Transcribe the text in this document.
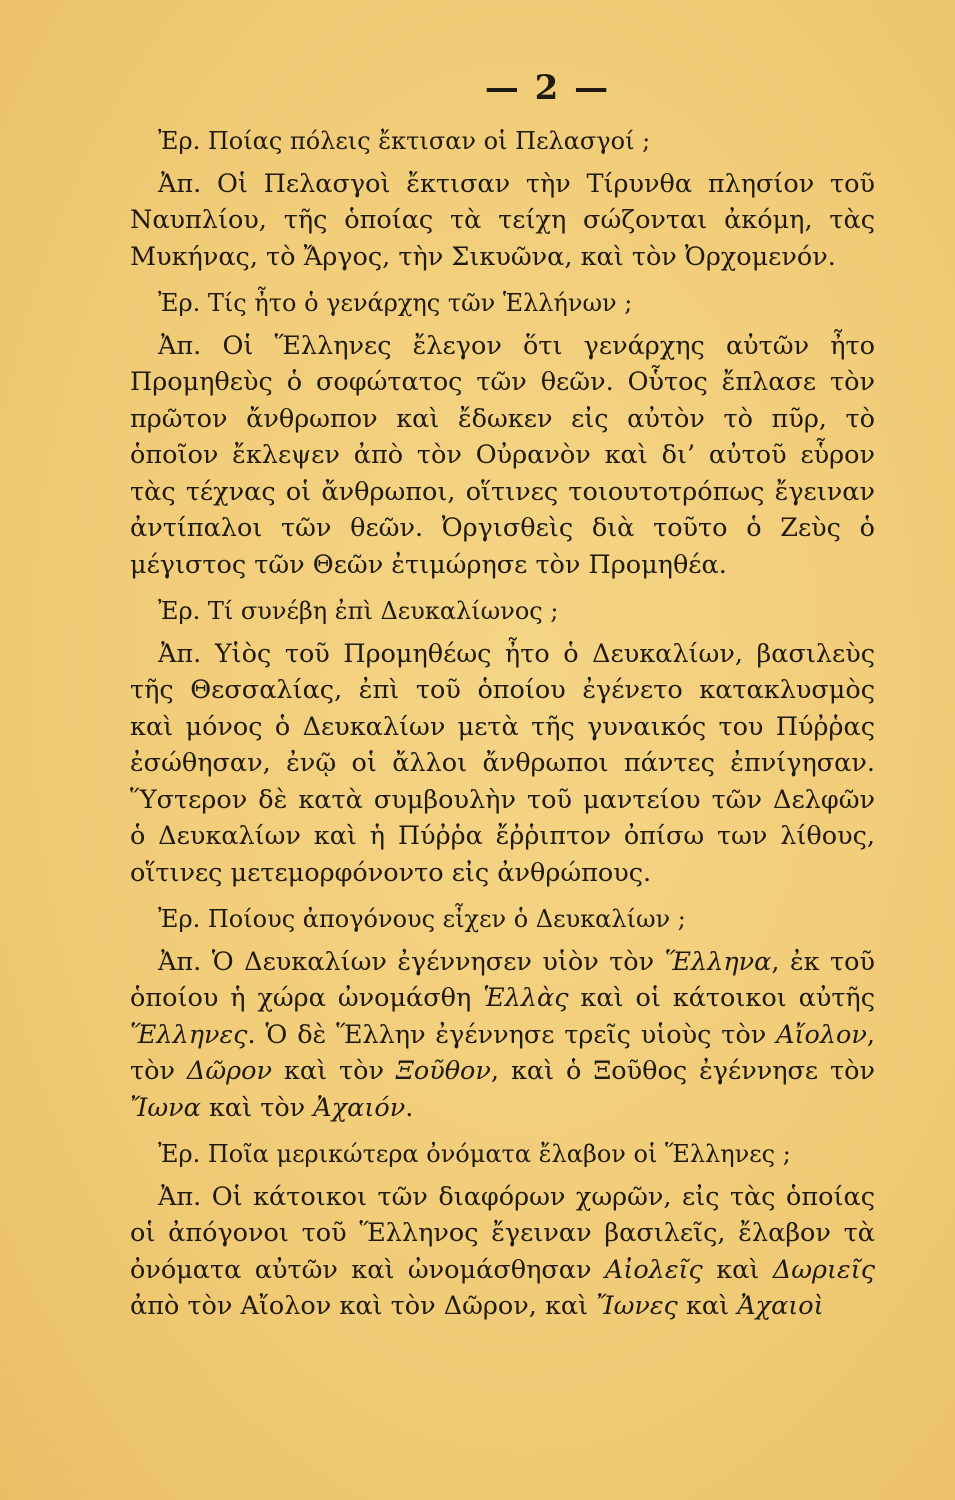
— 2 —

Ἐρ. Ποίας πόλεις ἔκτισαν οἱ Πελασγοί ;

Ἀπ. Οἱ Πελασγοὶ ἔκτισαν τὴν Τίρυνθα πλησίον τοῦ Ναυπλίου, τῆς ὁποίας τὰ τείχη σώζονται ἀκόμη, τὰς Μυκήνας, τὸ Ἄργος, τὴν Σικυῶνα, καὶ τὸν Ὀρχομενόν.

Ἐρ. Τίς ἦτο ὁ γενάρχης τῶν Ἑλλήνων ;

Ἀπ. Οἱ Ἕλληνες ἔλεγον ὅτι γενάρχης αὐτῶν ἦτο Προμηθεὺς ὁ σοφώτατος τῶν θεῶν. Οὗτος ἔπλασε τὸν πρῶτον ἄνθρωπον καὶ ἔδωκεν εἰς αὐτὸν τὸ πῦρ, τὸ ὁποῖον ἔκλεψεν ἀπὸ τὸν Οὐρανὸν καὶ δι’ αὐτοῦ εὗρον τὰς τέχνας οἱ ἄνθρωποι, οἵτινες τοιουτοτρόπως ἔγειναν ἀντίπαλοι τῶν θεῶν. Ὀργισθεὶς διὰ τοῦτο ὁ Ζεὺς ὁ μέγιστος τῶν Θεῶν ἐτιμώρησε τὸν Προμηθέα.

Ἐρ. Τί συνέβη ἐπὶ Δευκαλίωνος ;

Ἀπ. Υἱὸς τοῦ Προμηθέως ἦτο ὁ Δευκαλίων, βασιλεὺς τῆς Θεσσαλίας, ἐπὶ τοῦ ὁποίου ἐγένετο κατακλυσμὸς καὶ μόνος ὁ Δευκαλίων μετὰ τῆς γυναικός του Πύῤῥας ἐσώθησαν, ἐνῷ οἱ ἄλλοι ἄνθρωποι πάντες ἐπνίγησαν. Ὕστερον δὲ κατὰ συμβουλὴν τοῦ μαντείου τῶν Δελφῶν ὁ Δευκαλίων καὶ ἡ Πύῤῥα ἔῤῥιπτον ὀπίσω των λίθους, οἵτινες μετεμορφόνοντο εἰς ἀνθρώπους.

Ἐρ. Ποίους ἀπογόνους εἶχεν ὁ Δευκαλίων ;

Ἀπ. Ὁ Δευκαλίων ἐγέννησεν υἱὸν τὸν Ἕλληνα, ἐκ τοῦ ὁποίου ἡ χώρα ὠνομάσθη Ἑλλὰς καὶ οἱ κάτοικοι αὐτῆς Ἕλληνες. Ὁ δὲ Ἕλλην ἐγέννησε τρεῖς υἱοὺς τὸν Αἴολον, τὸν Δῶρον καὶ τὸν Ξοῦθον, καὶ ὁ Ξοῦθος ἐγέννησε τὸν Ἴωνα καὶ τὸν Ἀχαιόν.

Ἐρ. Ποῖα μερικώτερα ὀνόματα ἔλαβον οἱ Ἕλληνες ;

Ἀπ. Οἱ κάτοικοι τῶν διαφόρων χωρῶν, εἰς τὰς ὁποίας οἱ ἀπόγονοι τοῦ Ἕλληνος ἔγειναν βασιλεῖς, ἔλαβον τὰ ὀνόματα αὐτῶν καὶ ὠνομάσθησαν Αἰολεῖς καὶ Δωριεῖς ἀπὸ τὸν Αἴολον καὶ τὸν Δῶρον, καὶ Ἴωνες καὶ Ἀχαιοὶ
